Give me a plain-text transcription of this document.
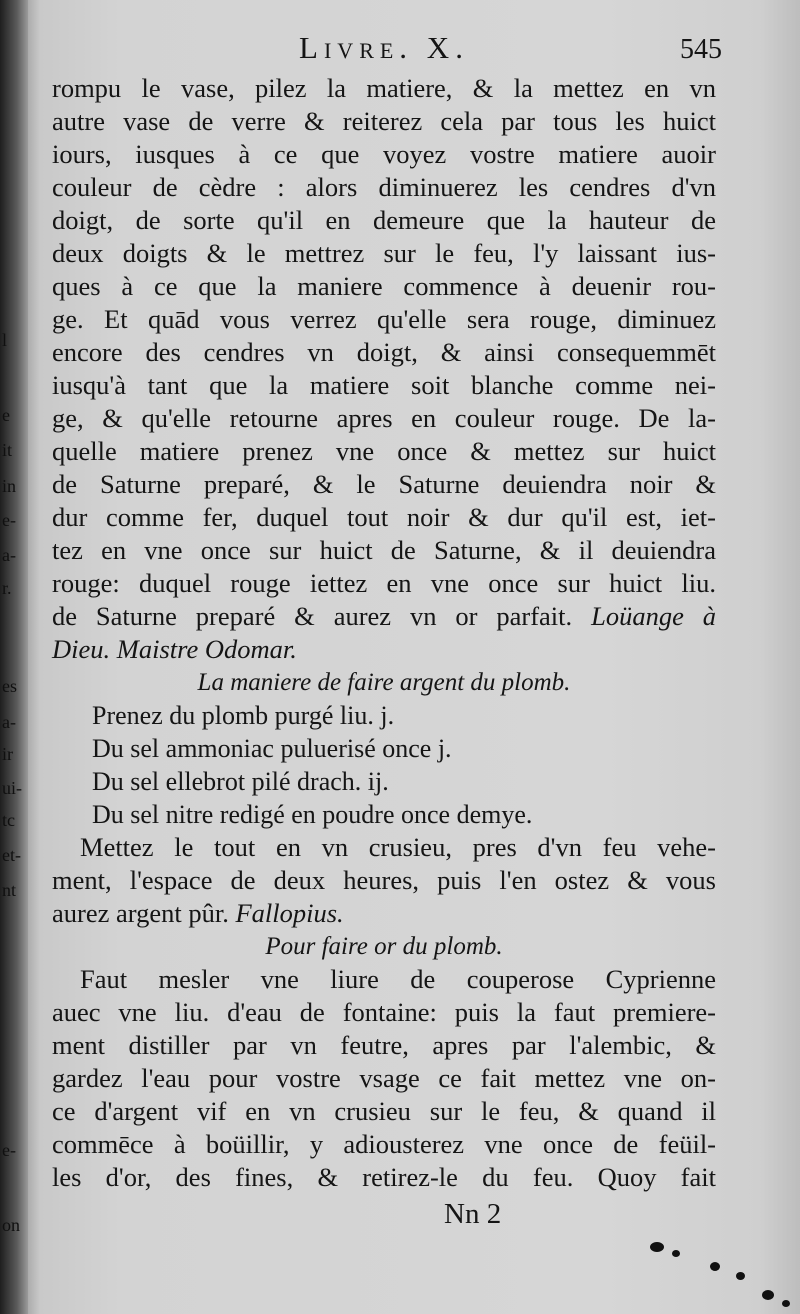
l
e
it
in
e-
a-
r.
es
a-
ir
ui-
tc
et-
nt
e-
on
Livre. X.	545

rompu le vase, pilez la matiere, & la mettez en vn
autre vase de verre & reiterez cela par tous les huict
iours, iusques à ce que voyez vostre matiere auoir
couleur de cèdre : alors diminuerez les cendres d'vn
doigt, de sorte qu'il en demeure que la hauteur de
deux doigts & le mettrez sur le feu, l'y laissant ius-
ques à ce que la maniere commence à deuenir rou-
ge. Et quād vous verrez qu'elle sera rouge, diminuez
encore des cendres vn doigt, & ainsi consequemmēt
iusqu'à tant que la matiere soit blanche comme nei-
ge, & qu'elle retourne apres en couleur rouge. De la-
quelle matiere prenez vne once & mettez sur huict
de Saturne preparé, & le Saturne deuiendra noir &
dur comme fer, duquel tout noir & dur qu'il est, iet-
tez en vne once sur huict de Saturne, & il deuiendra
rouge: duquel rouge iettez en vne once sur huict liu.
de Saturne preparé & aurez vn or parfait. Loüange à
Dieu. Maistre Odomar.

La maniere de faire argent du plomb.

Prenez du plomb purgé liu. j.
Du sel ammoniac puluerisé once j.
Du sel ellebrot pilé drach. ij.
Du sel nitre redigé en poudre once demye.

Mettez le tout en vn crusieu, pres d'vn feu vehe-
ment, l'espace de deux heures, puis l'en ostez & vous
aurez argent pûr. Fallopius.

Pour faire or du plomb.

Faut mesler vne liure de couperose Cyprienne
auec vne liu. d'eau de fontaine: puis la faut premiere-
ment distiller par vn feutre, apres par l'alembic, &
gardez l'eau pour vostre vsage ce fait mettez vne on-
ce d'argent vif en vn crusieu sur le feu, & quand il
commēce à boüillir, y adiousterez vne once de feüil-
les d'or, des fines, & retirez-le du feu. Quoy fait

Nn 2
